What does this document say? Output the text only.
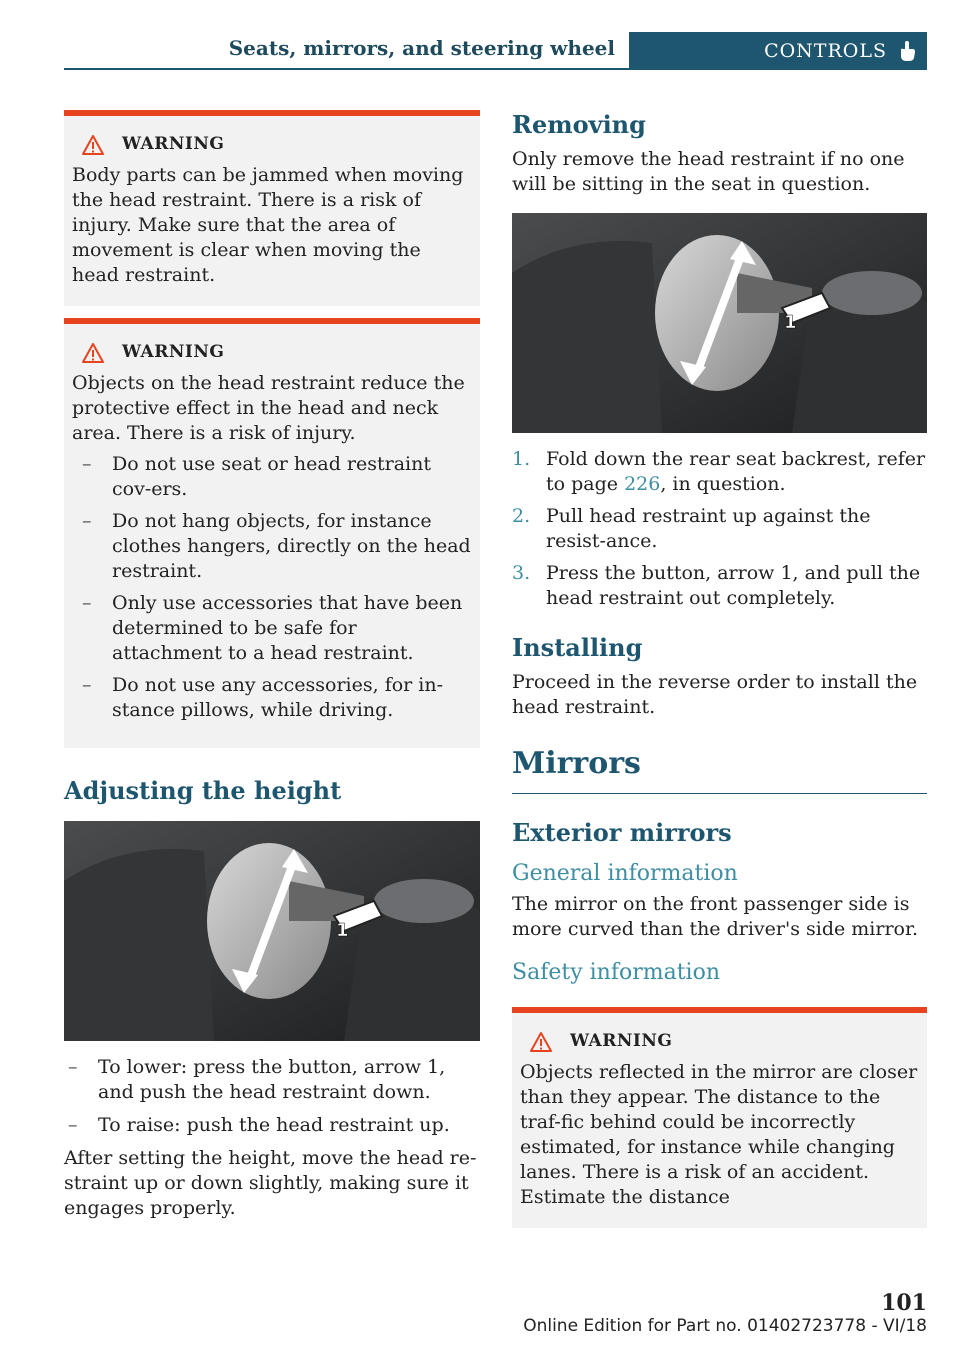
Seats, mirrors, and steering wheel	CONTROLS
WARNING
Body parts can be jammed when moving the head restraint. There is a risk of injury. Make sure that the area of movement is clear when moving the head restraint.
WARNING
Objects on the head restraint reduce the protective effect in the head and neck area. There is a risk of injury.
– Do not use seat or head restraint cov-ers.
– Do not hang objects, for instance clothes hangers, directly on the head restraint.
– Only use accessories that have been determined to be safe for attachment to a head restraint.
– Do not use any accessories, for in-stance pillows, while driving.
Adjusting the height
1
– To lower: press the button, arrow 1, and push the head restraint down.
– To raise: push the head restraint up.

After setting the height, move the head re-straint up or down slightly, making sure it engages properly.

Removing

Only remove the head restraint if no one will be sitting in the seat in question.

1
1. Fold down the rear seat backrest, refer to page 226, in question.
2. Pull head restraint up against the resist-ance.
3. Press the button, arrow 1, and pull the head restraint out completely.
Installing

Proceed in the reverse order to install the head restraint.

Mirrors
Exterior mirrors
General information

The mirror on the front passenger side is more curved than the driver's side mirror.

Safety information
WARNING
Objects reflected in the mirror are closer than they appear. The distance to the traf-fic behind could be incorrectly estimated, for instance while changing lanes. There is a risk of an accident. Estimate the distance
Online Edition for Part no. 01402723778 - VI/18
101
